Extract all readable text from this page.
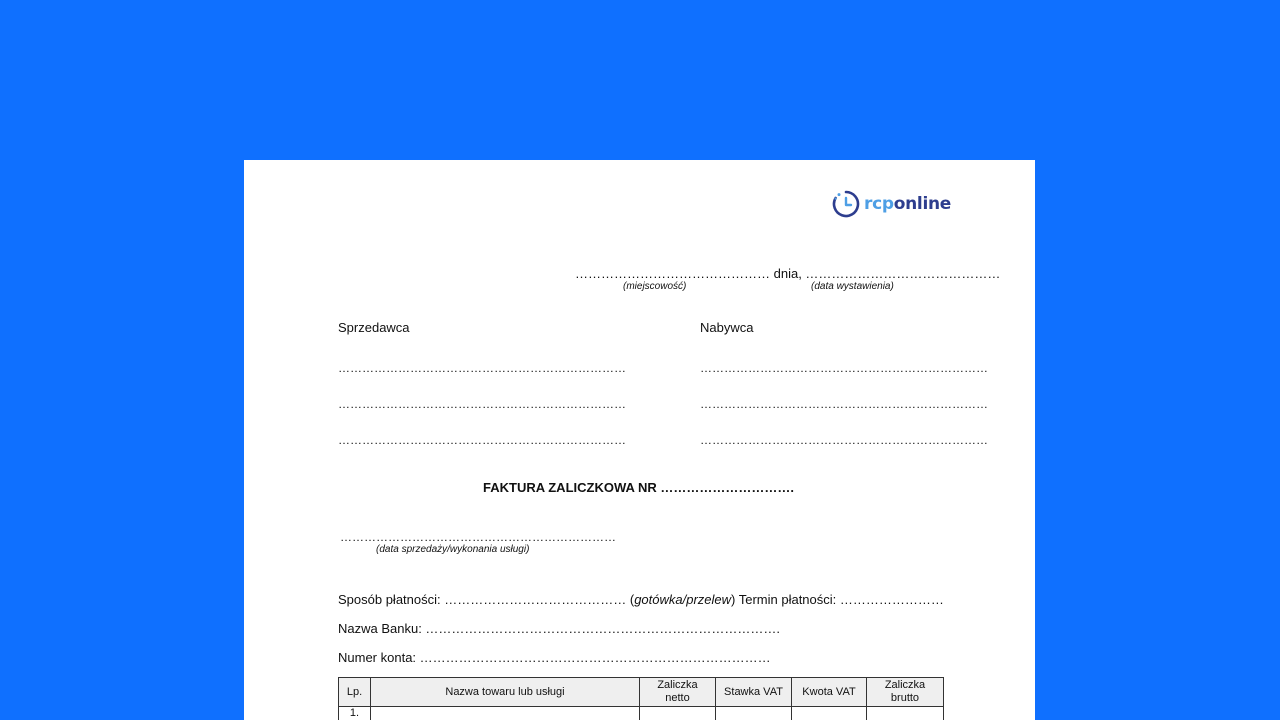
rcponline
……………………………………… dnia, ………………………………………
(miejscowość)	(data wystawienia)
Sprzedawca
………………………………………………………………
………………………………………………………………
………………………………………………………………
Nabywca
………………………………………………………………
………………………………………………………………
………………………………………………………………
FAKTURA ZALICZKOWA NR ………………………….
……………………………………………………………
(data sprzedaży/wykonania usługi)
Sposób płatności: …………………………………… (gotówka/przelew) Termin płatności: ……………………
Nazwa Banku: ……………………………………………………………………….
Numer konta: ………………………………………………………………………
Lp.	Nazwa towaru lub usługi	Zaliczka netto	Stawka VAT	Kwota VAT	Zaliczka brutto
1.					
